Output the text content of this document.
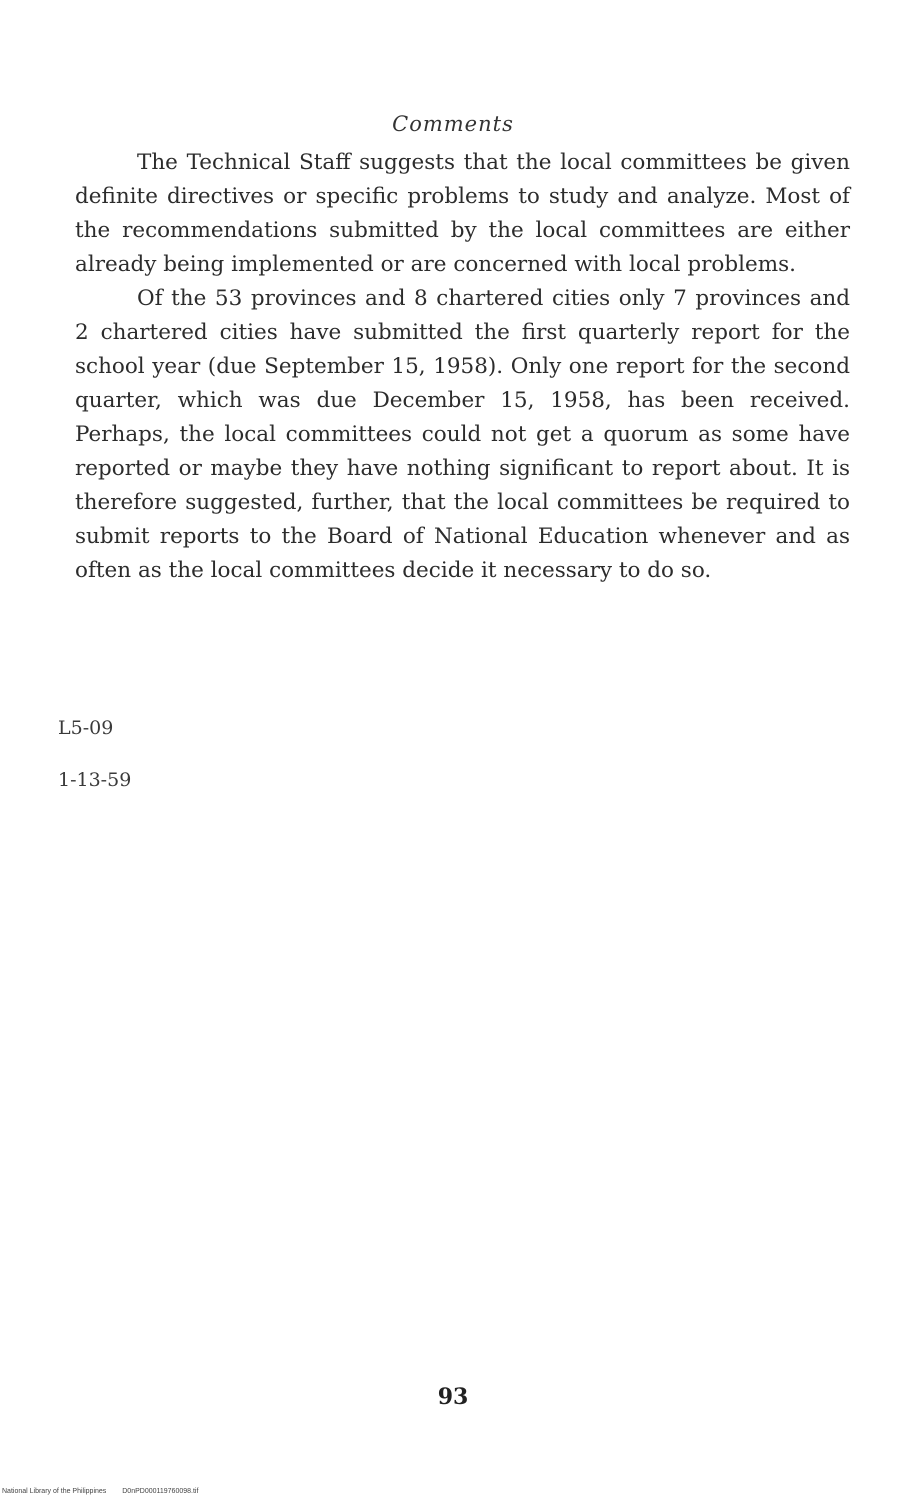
Comments

The Technical Staff suggests that the local committees be given definite directives or specific problems to study and analyze. Most of the recommendations submitted by the local committees are either already being implemented or are concerned with local problems.

Of the 53 provinces and 8 chartered cities only 7 provinces and 2 chartered cities have submitted the first quarterly report for the school year (due September 15, 1958). Only one report for the second quarter, which was due December 15, 1958, has been received. Perhaps, the local committees could not get a quorum as some have reported or maybe they have nothing significant to report about. It is therefore suggested, further, that the local committees be required to submit reports to the Board of National Education whenever and as often as the local committees decide it necessary to do so.

L5-09
1-13-59
93
National Library of the Philippines D0nPD000119760098.tif
